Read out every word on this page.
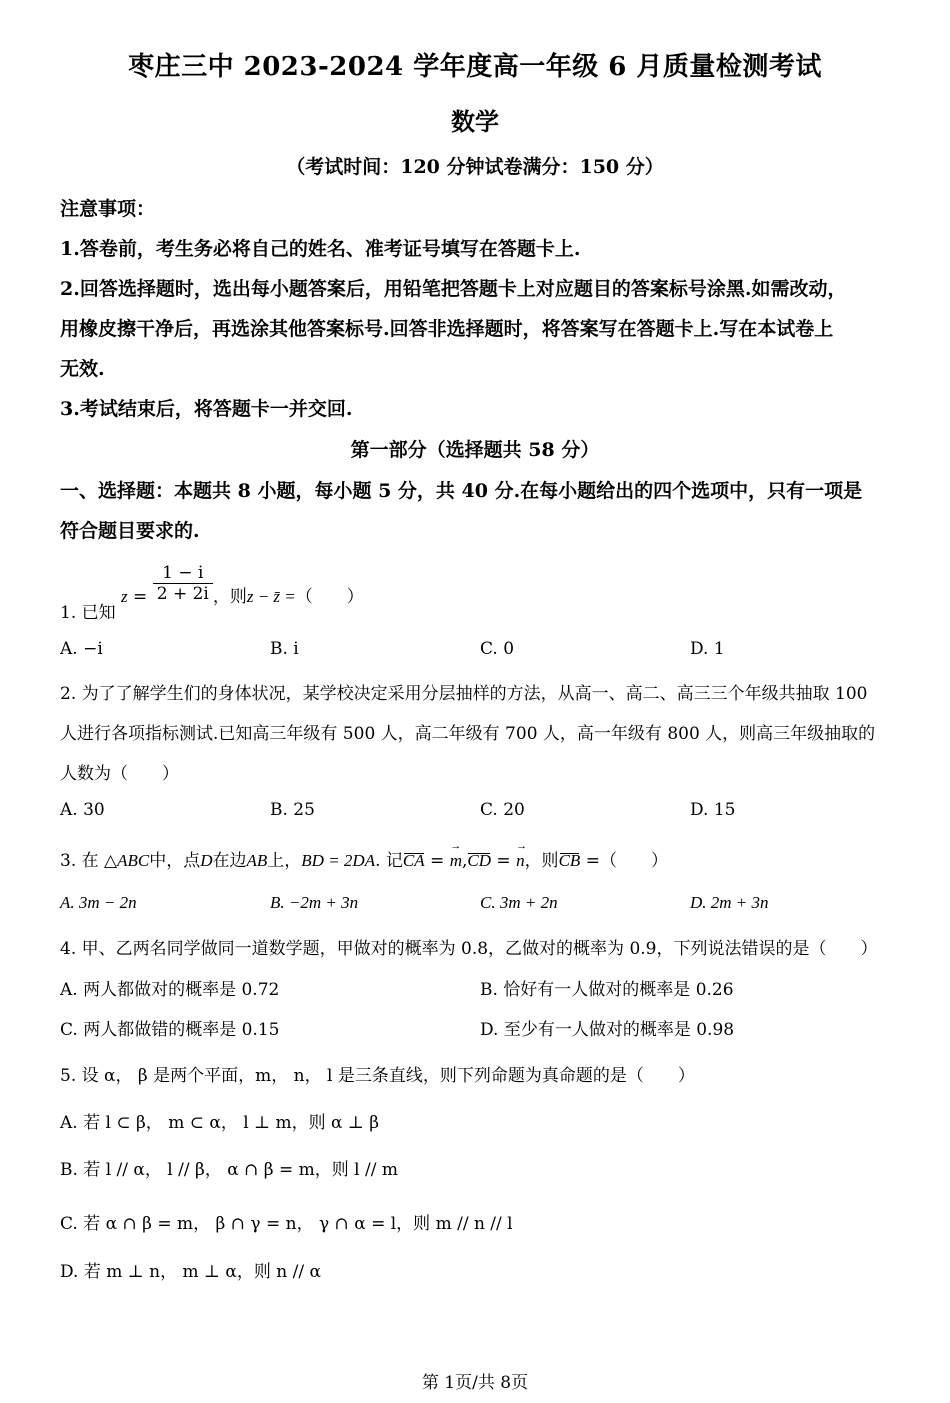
枣庄三中 2023-2024 学年度高一年级 6 月质量检测考试
数学
（考试时间：120 分钟试卷满分：150 分）
注意事项：
1.答卷前，考生务必将自己的姓名、准考证号填写在答题卡上.
2.回答选择题时，选出每小题答案后，用铅笔把答题卡上对应题目的答案标号涂黑.如需改动，
用橡皮擦干净后，再选涂其他答案标号.回答非选择题时，将答案写在答题卡上.写在本试卷上
无效.
3.考试结束后，将答题卡一并交回.
第一部分（选择题共 58 分）
一、选择题：本题共 8 小题，每小题 5 分，共 40 分.在每小题给出的四个选项中，只有一项是
符合题目要求的.
1. 已知 $z = \frac{1 - i}{2 + 2i}$ ，则z − z̄ =（　　）
A. −i	B. i	C. 0	D. 1
2. 为了了解学生们的身体状况，某学校决定采用分层抽样的方法，从高一、高二、高三三个年级共抽取 100
人进行各项指标测试.已知高三年级有 500 人，高二年级有 700 人，高一年级有 800 人，则高三年级抽取的
人数为（　　）
A. 30	B. 25	C. 20	D. 15
3. 在 △ABC中，点D在边AB上，BD = 2DA. 记CA = → m,CD = → n，则CB =（　　）
A. 3m − 2n	B. −2m + 3n	C. 3m + 2n	D. 2m + 3n
4. 甲、乙两名同学做同一道数学题，甲做对的概率为 0.8，乙做对的概率为 0.9，下列说法错误的是（　　）
A. 两人都做对的概率是 0.72	B. 恰好有一人做对的概率是 0.26
C. 两人都做错的概率是 0.15	D. 至少有一人做对的概率是 0.98
5. 设 α， β 是两个平面，m， n， l 是三条直线，则下列命题为真命题的是（　　）
A. 若 l ⊂ β， m ⊂ α， l ⊥ m，则 α ⊥ β
B. 若 l // α， l // β， α ∩ β = m，则 l // m
C. 若 α ∩ β = m， β ∩ γ = n， γ ∩ α = l，则 m // n // l
D. 若 m ⊥ n， m ⊥ α，则 n // α
第 1页/共 8页
